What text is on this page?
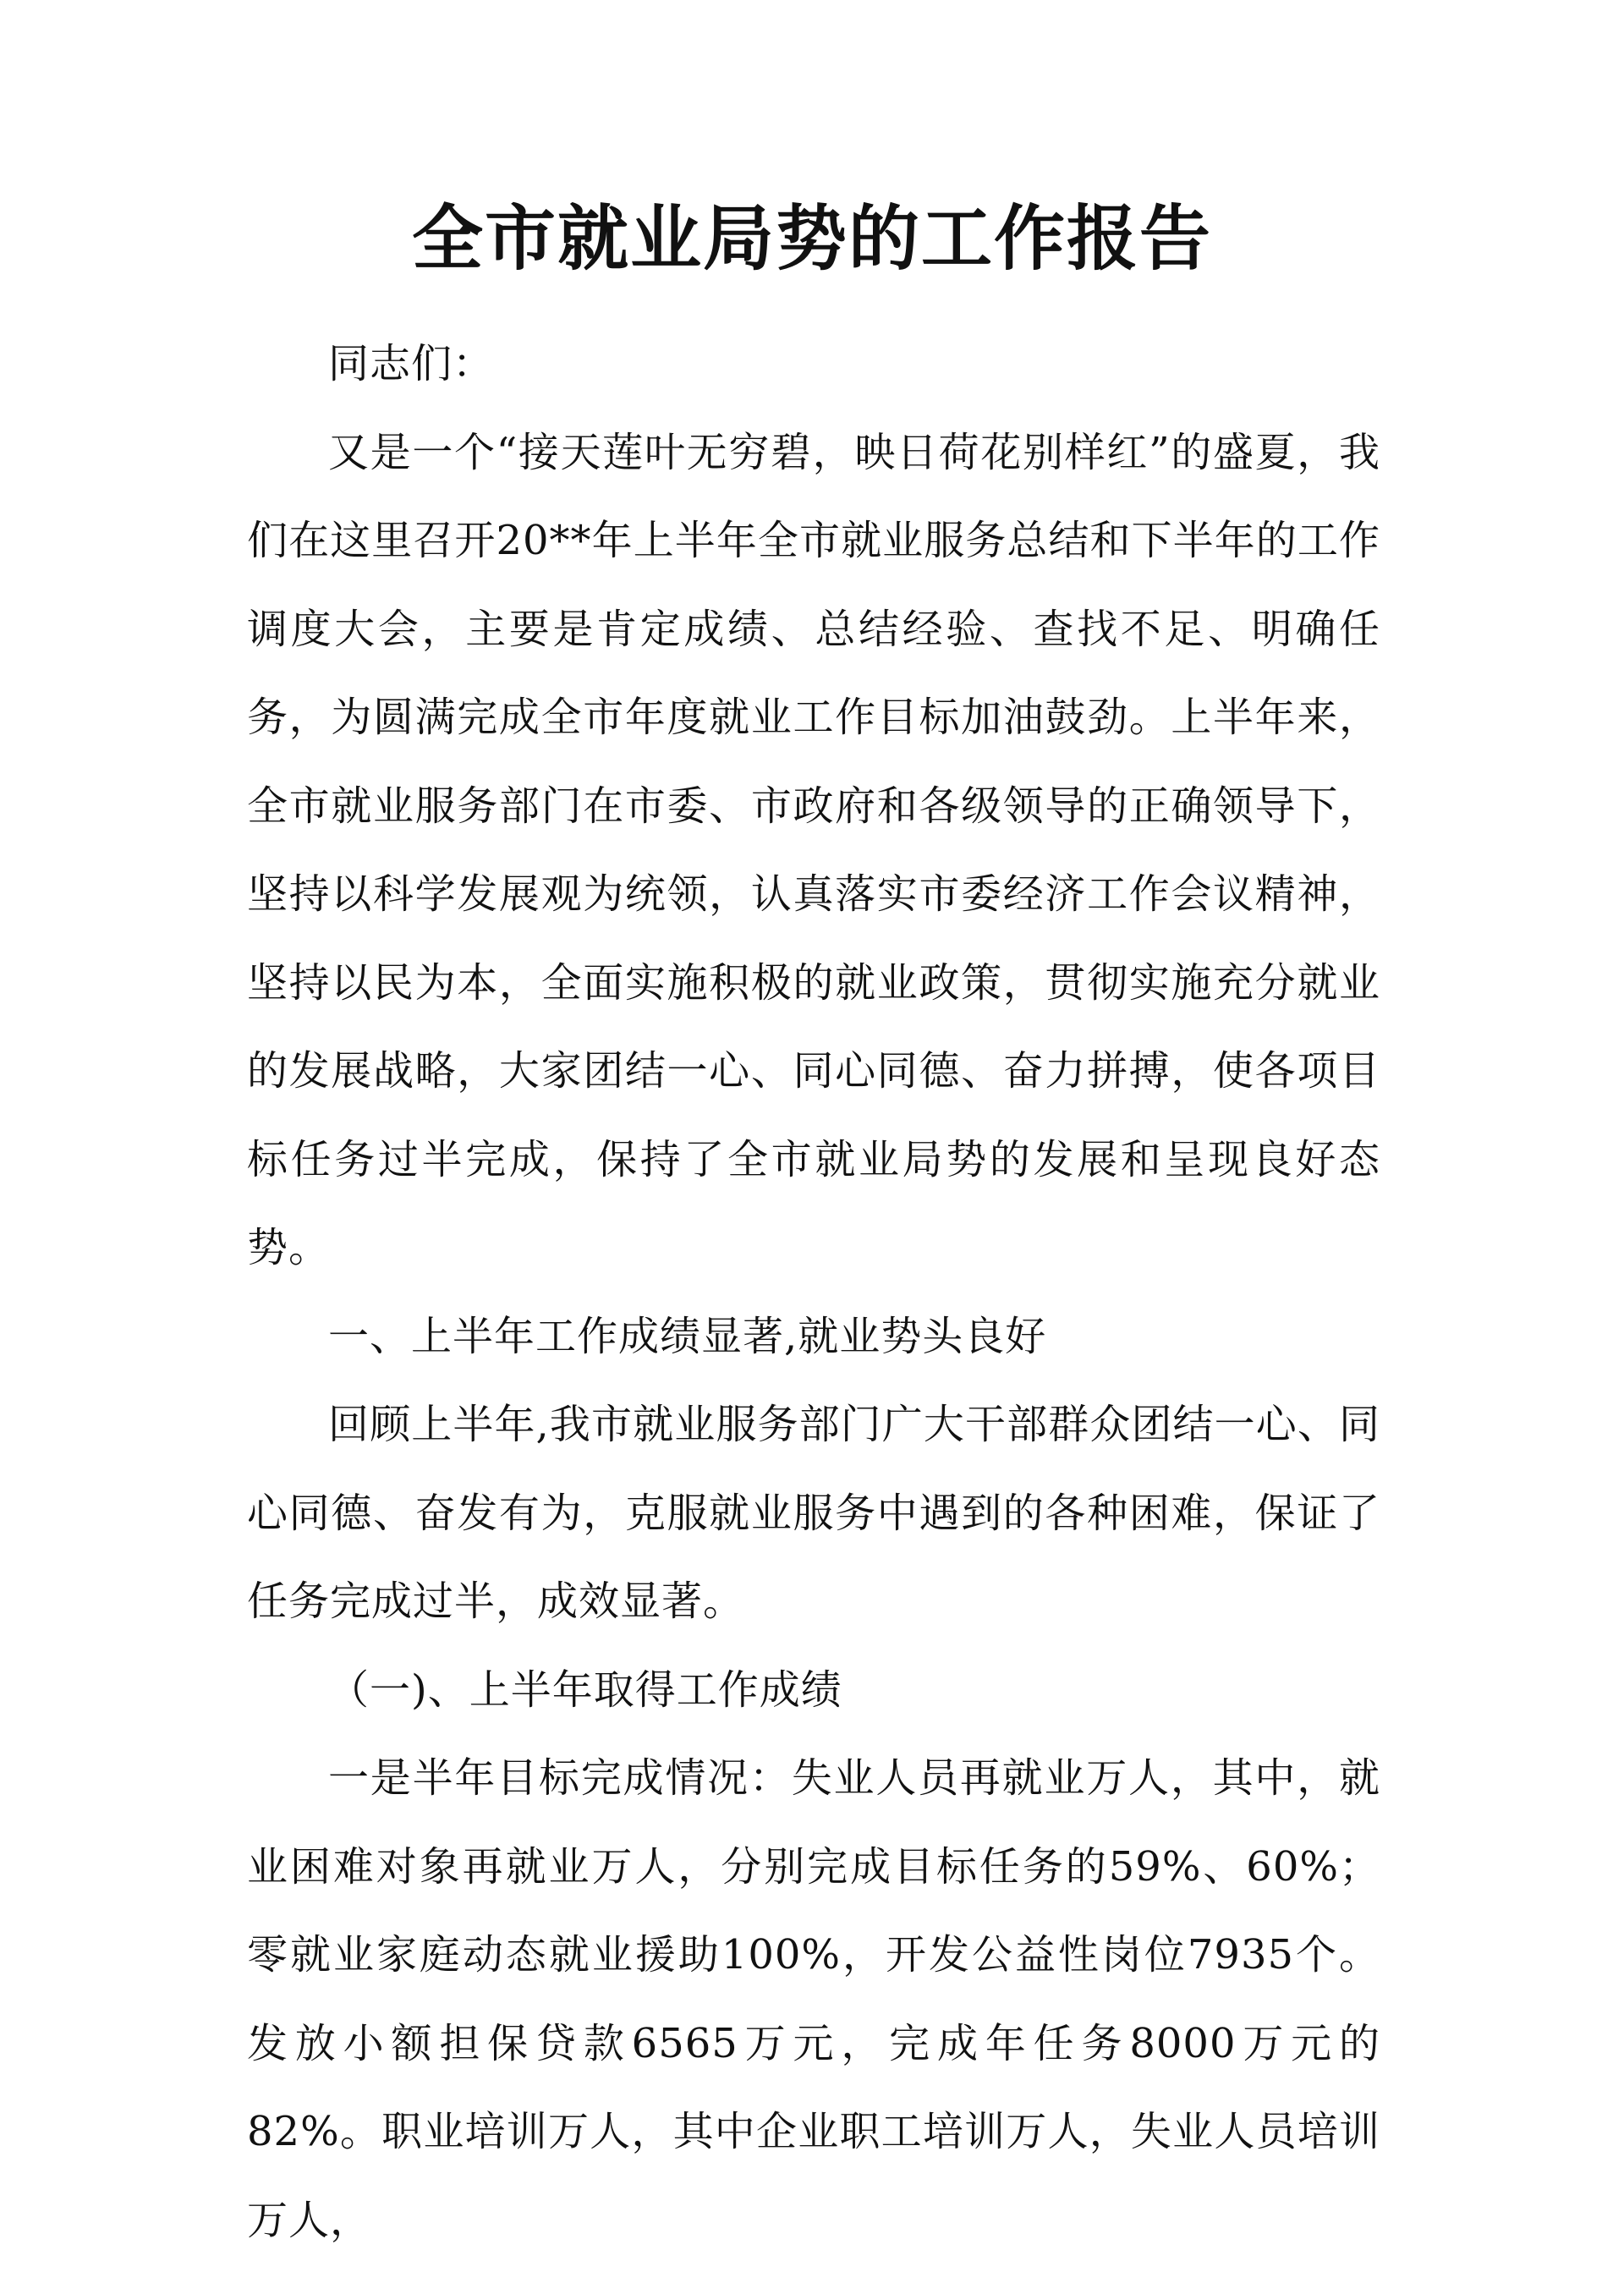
全市就业局势的工作报告

同志们：

又是一个“接天莲叶无穷碧，映日荷花别样红”的盛夏，我们在这里召开20**年上半年全市就业服务总结和下半年的工作调度大会，主要是肯定成绩、总结经验、查找不足、明确任务，为圆满完成全市年度就业工作目标加油鼓劲。上半年来，全市就业服务部门在市委、市政府和各级领导的正确领导下，坚持以科学发展观为统领，认真落实市委经济工作会议精神，坚持以民为本，全面实施积极的就业政策，贯彻实施充分就业的发展战略，大家团结一心、同心同德、奋力拼搏，使各项目标任务过半完成，保持了全市就业局势的发展和呈现良好态势。

一、上半年工作成绩显著,就业势头良好

回顾上半年,我市就业服务部门广大干部群众团结一心、同心同德、奋发有为，克服就业服务中遇到的各种困难，保证了任务完成过半，成效显著。

（一)、上半年取得工作成绩

一是半年目标完成情况：失业人员再就业万人，其中，就业困难对象再就业万人，分别完成目标任务的59%、60%；零就业家庭动态就业援助100%，开发公益性岗位7935个。发放小额担保贷款6565万元，完成年任务8000万元的82%。职业培训万人，其中企业职工培训万人，失业人员培训万人，
